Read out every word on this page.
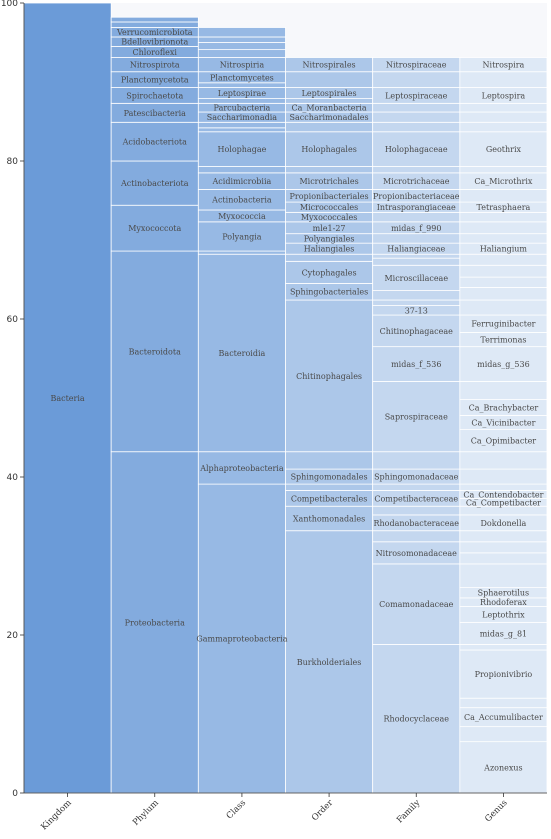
Bacteria
Proteobacteria
Bacteroidota
Myxococcota
Actinobacteriota
Acidobacteriota
Patescibacteria
Spirochaetota
Planctomycetota
Nitrospirota
Chloroflexi
Bdellovibrionota
Verrucomicrobiota
Gammaproteobacteria
Alphaproteobacteria
Bacteroidia
Polyangia
Myxococcia
Actinobacteria
Acidimicrobiia
Holophagae
Saccharimonadia
Parcubacteria
Leptospirae
Planctomycetes
Nitrospiria
Burkholderiales
Xanthomonadales
Competibacterales
Sphingomonadales
Chitinophagales
Sphingobacteriales
Cytophagales
Haliangiales
Polyangiales
mle1-27
Myxococcales
Micrococcales
Propionibacteriales
Microtrichales
Holophagales
Saccharimonadales
Ca_Moranbacteria
Leptospirales
Nitrospirales
Rhodocyclaceae
Comamonadaceae
Nitrosomonadaceae
Rhodanobacteraceae
Competibacteraceae
Sphingomonadaceae
Saprospiraceae
midas_f_536
Chitinophagaceae
37-13
Microscillaceae
Haliangiaceae
midas_f_990
Intrasporangiaceae
Propionibacteriaceae
Microtrichaceae
Holophagaceae
Leptospiraceae
Nitrospiraceae
Azonexus
Ca_Accumulibacter
Propionivibrio
midas_g_81
Leptothrix
Rhodoferax
Sphaerotilus
Dokdonella
Ca_Competibacter
Ca_Contendobacter
Ca_Opimibacter
Ca_Vicinibacter
Ca_Brachybacter
midas_g_536
Terrimonas
Ferruginibacter
Haliangium
Tetrasphaera
Ca_Microthrix
Geothrix
Leptospira
Nitrospira
0
20
40
60
80
100
Kingdom	Phylum	Class	Order	Family	Genus
